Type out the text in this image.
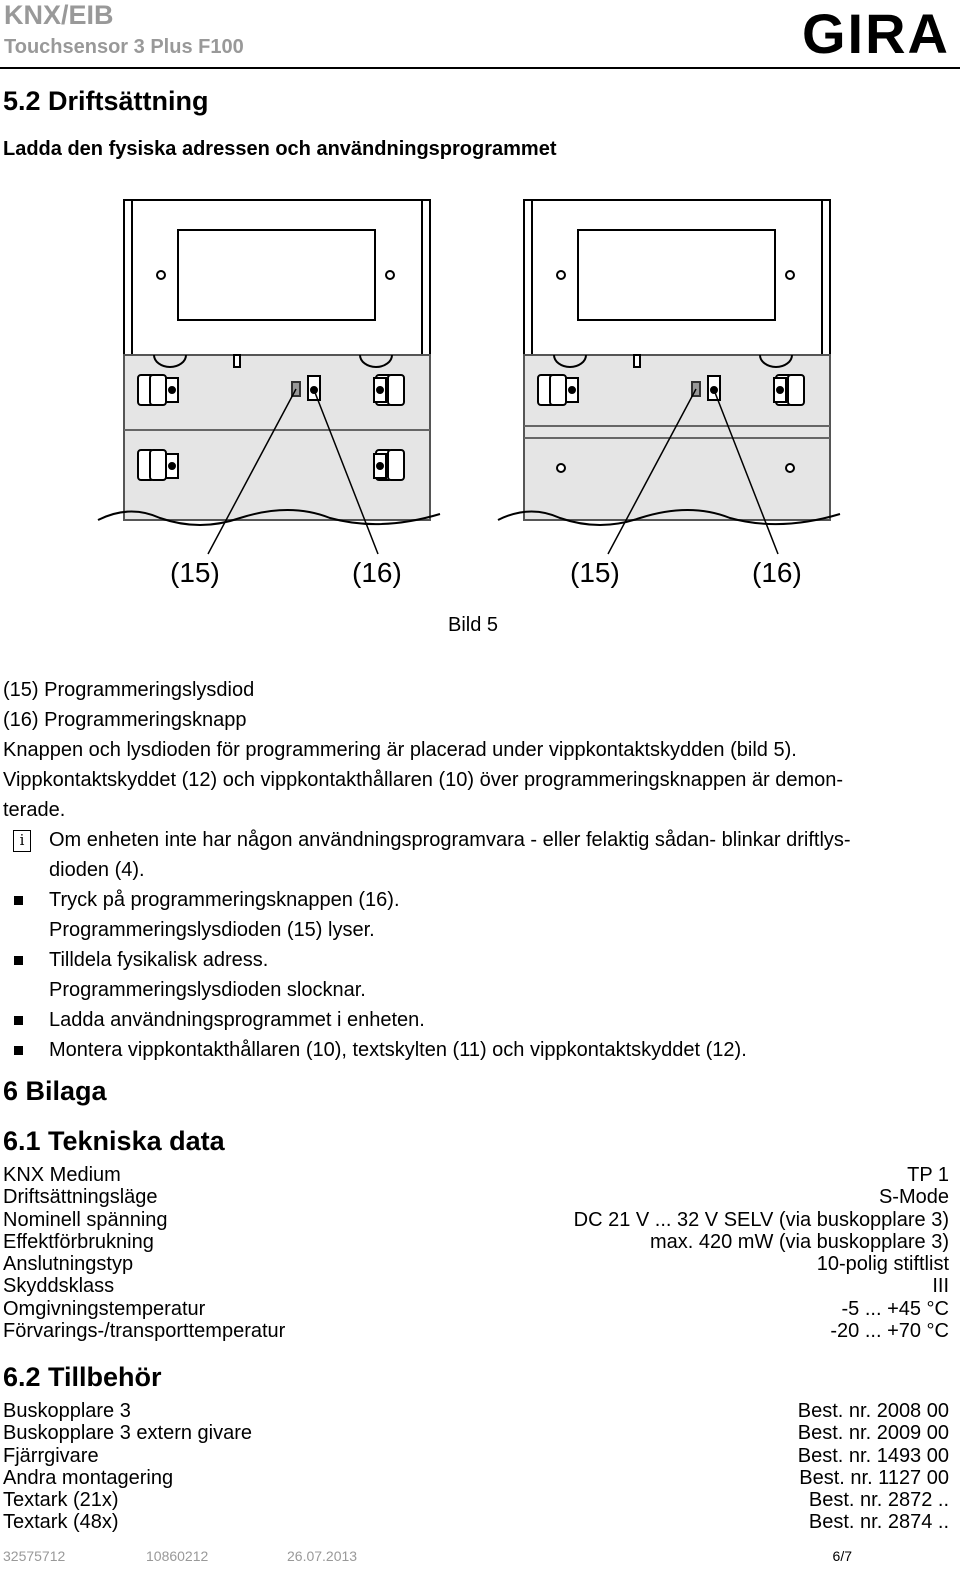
KNX/EIB
Touchsensor 3 Plus F100	GIRA
5.2 Driftsättning
Ladda den fysiska adressen och användningsprogrammet
(15)	(16)	(15)	(16)
Bild 5
(15) Programmeringslysdiod
(16) Programmeringsknapp
Knappen och lysdioden för programmering är placerad under vippkontaktskydden (bild 5).
Vippkontaktskyddet (12) och vippkontakthållaren (10) över programmeringsknappen är demon-
terade.
i	Om enheten inte har någon användningsprogramvara - eller felaktig sådan- blinkar driftlys-
dioden (4).
Tryck på programmeringsknappen (16).
Programmeringslysdioden (15) lyser.
Tilldela fysikalisk adress.
Programmeringslysdioden slocknar.
Ladda användningsprogrammet i enheten.
Montera vippkontakthållaren (10), textskylten (11) och vippkontaktskyddet (12).
6 Bilaga
6.1 Tekniska data
KNX Medium	TP 1
Driftsättningsläge	S-Mode
Nominell spänning	DC 21 V ... 32 V SELV (via buskopplare 3)
Effektförbrukning	max. 420 mW (via buskopplare 3)
Anslutningstyp	10-polig stiftlist
Skyddsklass	III
Omgivningstemperatur	-5 ... +45 °C
Förvarings-/transporttemperatur	-20 ... +70 °C
6.2 Tillbehör
Buskopplare 3	Best. nr. 2008 00
Buskopplare 3 extern givare	Best. nr. 2009 00
Fjärrgivare	Best. nr. 1493 00
Andra montagering	Best. nr. 1127 00
Textark (21x)	Best. nr. 2872 ..
Textark (48x)	Best. nr. 2874 ..
32575712	10860212	26.07.2013	6/7
